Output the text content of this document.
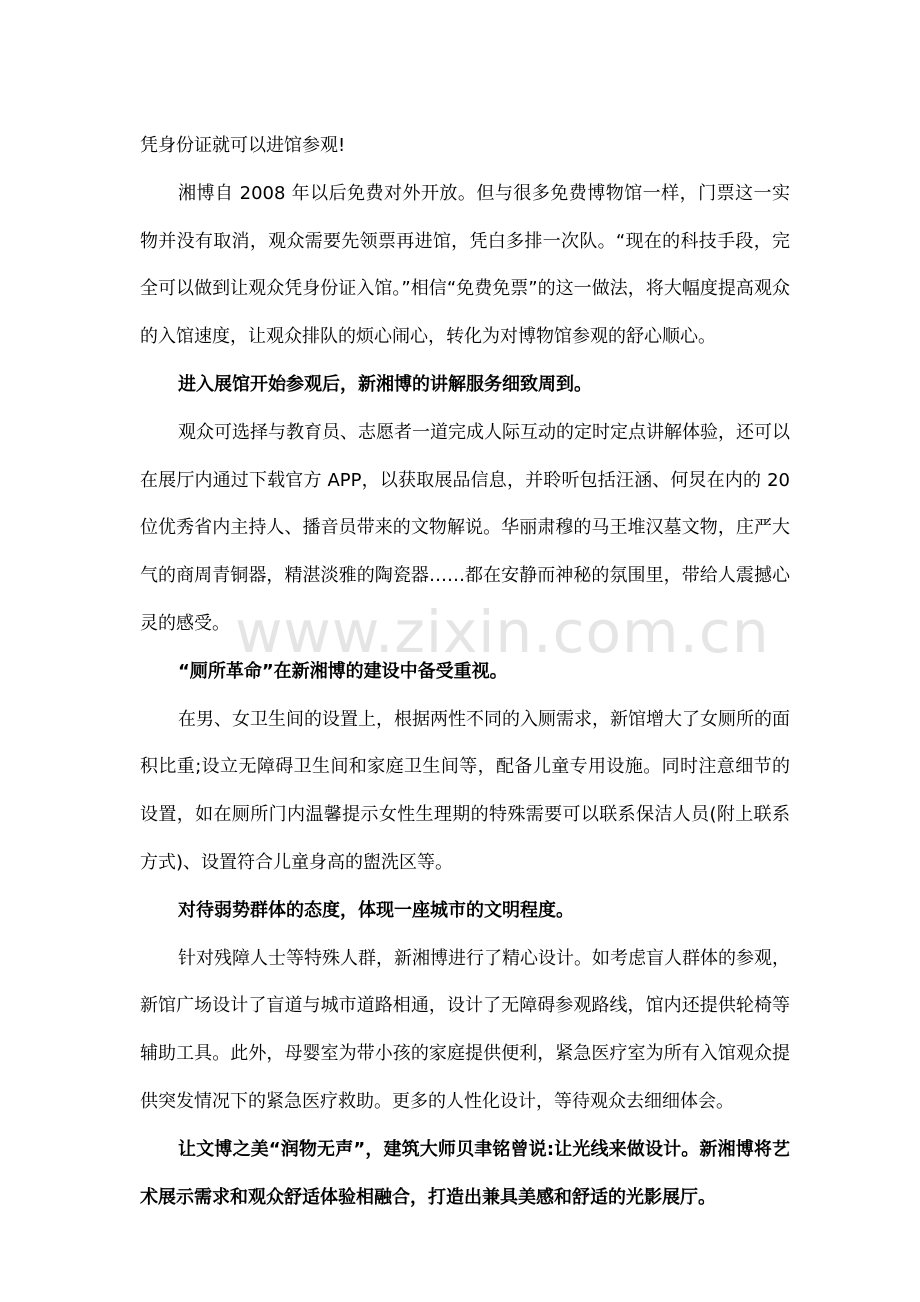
凭身份证就可以进馆参观!

湘博自 2008 年以后免费对外开放。但与很多免费博物馆一样，门票这一实物并没有取消，观众需要先领票再进馆，凭白多排一次队。“现在的科技手段，完全可以做到让观众凭身份证入馆。”相信“免费免票”的这一做法，将大幅度提高观众的入馆速度，让观众排队的烦心闹心，转化为对博物馆参观的舒心顺心。

进入展馆开始参观后，新湘博的讲解服务细致周到。

观众可选择与教育员、志愿者一道完成人际互动的定时定点讲解体验，还可以在展厅内通过下载官方 APP，以获取展品信息，并聆听包括汪涵、何炅在内的 20 位优秀省内主持人、播音员带来的文物解说。华丽肃穆的马王堆汉墓文物，庄严大气的商周青铜器，精湛淡雅的陶瓷器……都在安静而神秘的氛围里，带给人震撼心灵的感受。

“厕所革命”在新湘博的建设中备受重视。

在男、女卫生间的设置上，根据两性不同的入厕需求，新馆增大了女厕所的面积比重;设立无障碍卫生间和家庭卫生间等，配备儿童专用设施。同时注意细节的设置，如在厕所门内温馨提示女性生理期的特殊需要可以联系保洁人员(附上联系方式)、设置符合儿童身高的盥洗区等。

对待弱势群体的态度，体现一座城市的文明程度。

针对残障人士等特殊人群，新湘博进行了精心设计。如考虑盲人群体的参观，新馆广场设计了盲道与城市道路相通，设计了无障碍参观路线，馆内还提供轮椅等辅助工具。此外，母婴室为带小孩的家庭提供便利，紧急医疗室为所有入馆观众提供突发情况下的紧急医疗救助。更多的人性化设计，等待观众去细细体会。

让文博之美“润物无声”，建筑大师贝聿铭曾说:让光线来做设计。新湘博将艺术展示需求和观众舒适体验相融合，打造出兼具美感和舒适的光影展厅。

www.zixin.com.cn
